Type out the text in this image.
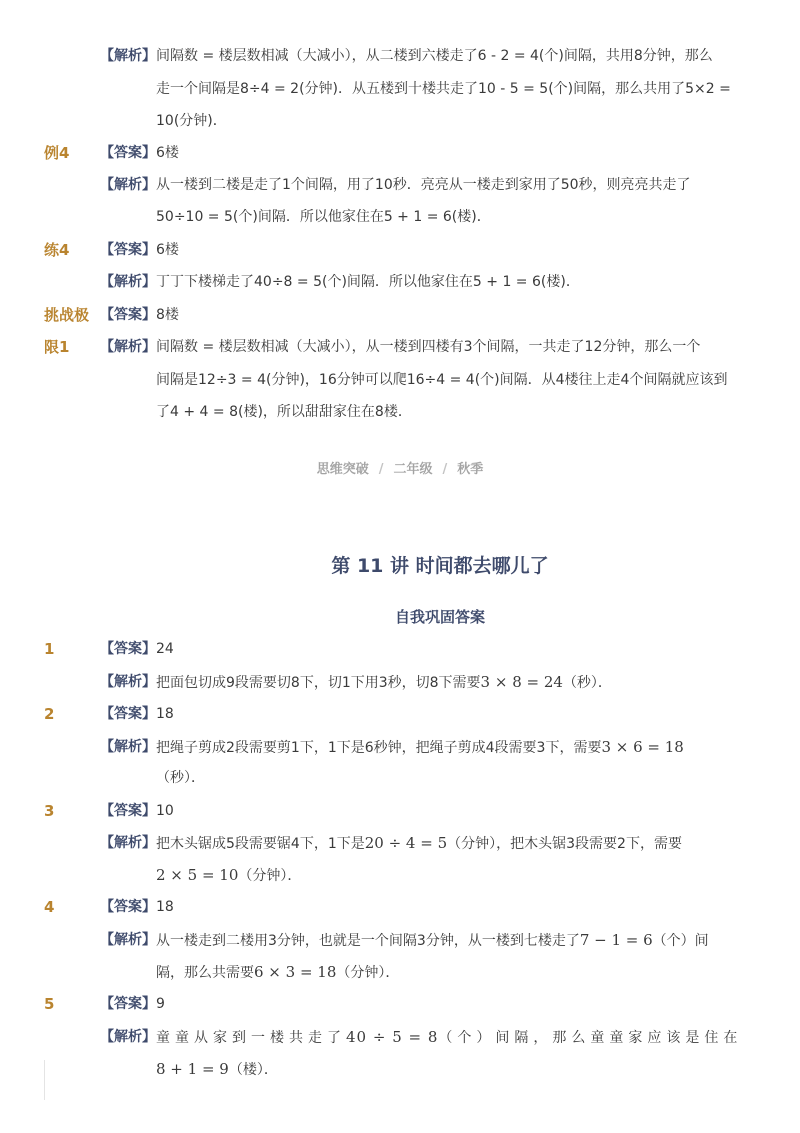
【解析】 间隔数 = 楼层数相减（大减小），从二楼到六楼走了6 - 2 = 4(个)间隔，共用8分钟，那么
走一个间隔是8÷4 = 2(分钟)．从五楼到十楼共走了10 - 5 = 5(个)间隔，那么共用了5×2 =
10(分钟)．
例4 【答案】 6楼
【解析】 从一楼到二楼是走了1个间隔，用了10秒．亮亮从一楼走到家用了50秒，则亮亮共走了
50÷10 = 5(个)间隔．所以他家住在5 + 1 = 6(楼)．
练4 【答案】 6楼
【解析】 丁丁下楼梯走了40÷8 = 5(个)间隔．所以他家住在5 + 1 = 6(楼)．
挑战极 【答案】 8楼
限1 【解析】 间隔数 = 楼层数相减（大减小），从一楼到四楼有3个间隔，一共走了12分钟，那么一个
间隔是12÷3 = 4(分钟)，16分钟可以爬16÷4 = 4(个)间隔．从4楼往上走4个间隔就应该到
了4 + 4 = 8(楼)，所以甜甜家住在8楼．
思维突破 / 二年级 / 秋季
第 11 讲 时间都去哪儿了
自我巩固答案
1	【答案】 24
【解析】 把面包切成9段需要切8下，切1下用3秒，切8下需要3 × 8 = 24（秒）．
2	【答案】 18
【解析】 把绳子剪成2段需要剪1下，1下是6秒钟，把绳子剪成4段需要3下，需要3 × 6 = 18
（秒）．
3	【答案】 10
【解析】 把木头锯成5段需要锯4下，1下是20 ÷ 4 = 5（分钟），把木头锯3段需要2下，需要
2 × 5 = 10（分钟）．
4	【答案】 18
【解析】 从一楼走到二楼用3分钟，也就是一个间隔3分钟，从一楼到七楼走了7 − 1 = 6（个）间
隔，那么共需要6 × 3 = 18（分钟）．
5	【答案】 9
【解析】 童童从家到一楼共走了40 ÷ 5 = 8（个）间隔，那么童童家应该是住在
8 + 1 = 9（楼）．
